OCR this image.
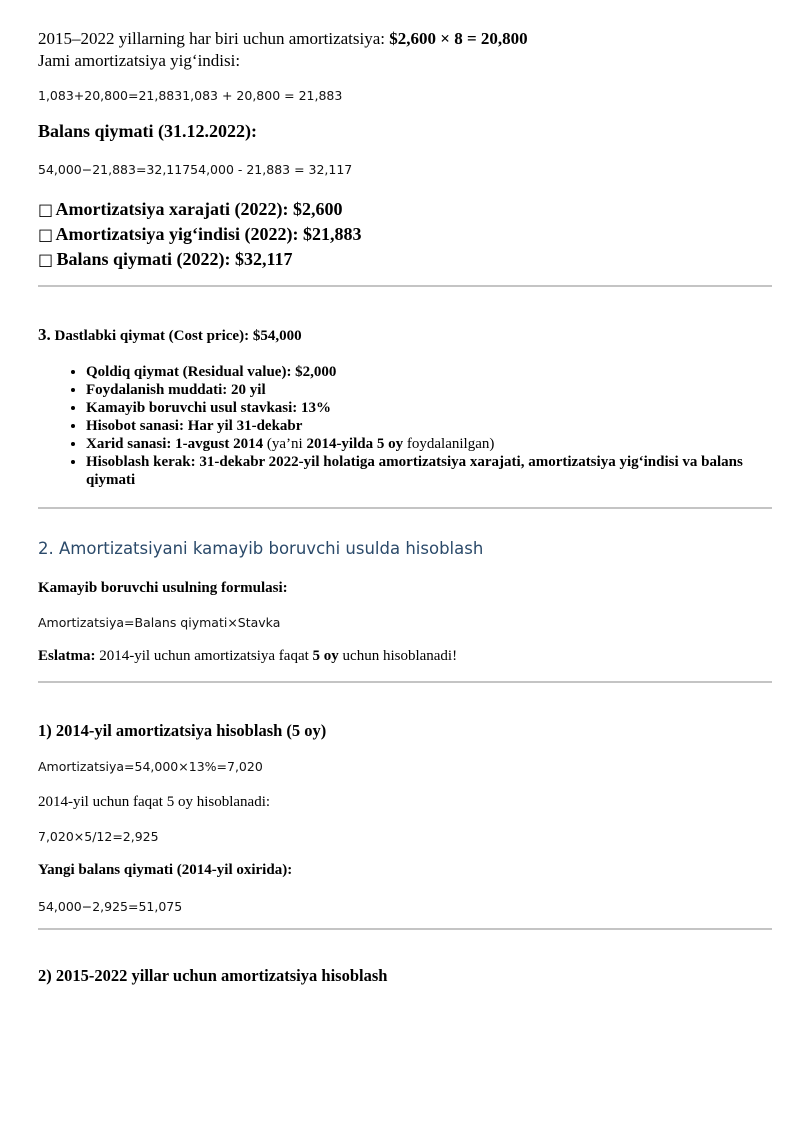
2015–2022 yillarning har biri uchun amortizatsiya: $2,600 × 8 = 20,800

Jami amortizatsiya yig‘indisi:

1,083+20,800=21,8831,083 + 20,800 = 21,883

Balans qiymati (31.12.2022):

54,000−21,883=32,11754,000 - 21,883 = 32,117

□ Amortizatsiya xarajati (2022): $2,600
□ Amortizatsiya yig‘indisi (2022): $21,883
□ Balans qiymati (2022): $32,117

3. Dastlabki qiymat (Cost price): $54,000

• Qoldiq qiymat (Residual value): $2,000
• Foydalanish muddati: 20 yil
• Kamayib boruvchi usul stavkasi: 13%
• Hisobot sanasi: Har yil 31-dekabr
• Xarid sanasi: 1-avgust 2014 (ya’ni 2014-yilda 5 oy foydalanilgan)
• Hisoblash kerak: 31-dekabr 2022-yil holatiga amortizatsiya xarajati, amortizatsiya yig‘indisi va balans qiymati

2. Amortizatsiyani kamayib boruvchi usulda hisoblash

Kamayib boruvchi usulning formulasi:

Amortizatsiya=Balans qiymati×Stavka

Eslatma: 2014-yil uchun amortizatsiya faqat 5 oy uchun hisoblanadi!

1) 2014-yil amortizatsiya hisoblash (5 oy)

Amortizatsiya=54,000×13%=7,020

2014-yil uchun faqat 5 oy hisoblanadi:

7,020×5/12=2,925

Yangi balans qiymati (2014-yil oxirida):

54,000−2,925=51,075

2) 2015-2022 yillar uchun amortizatsiya hisoblash
